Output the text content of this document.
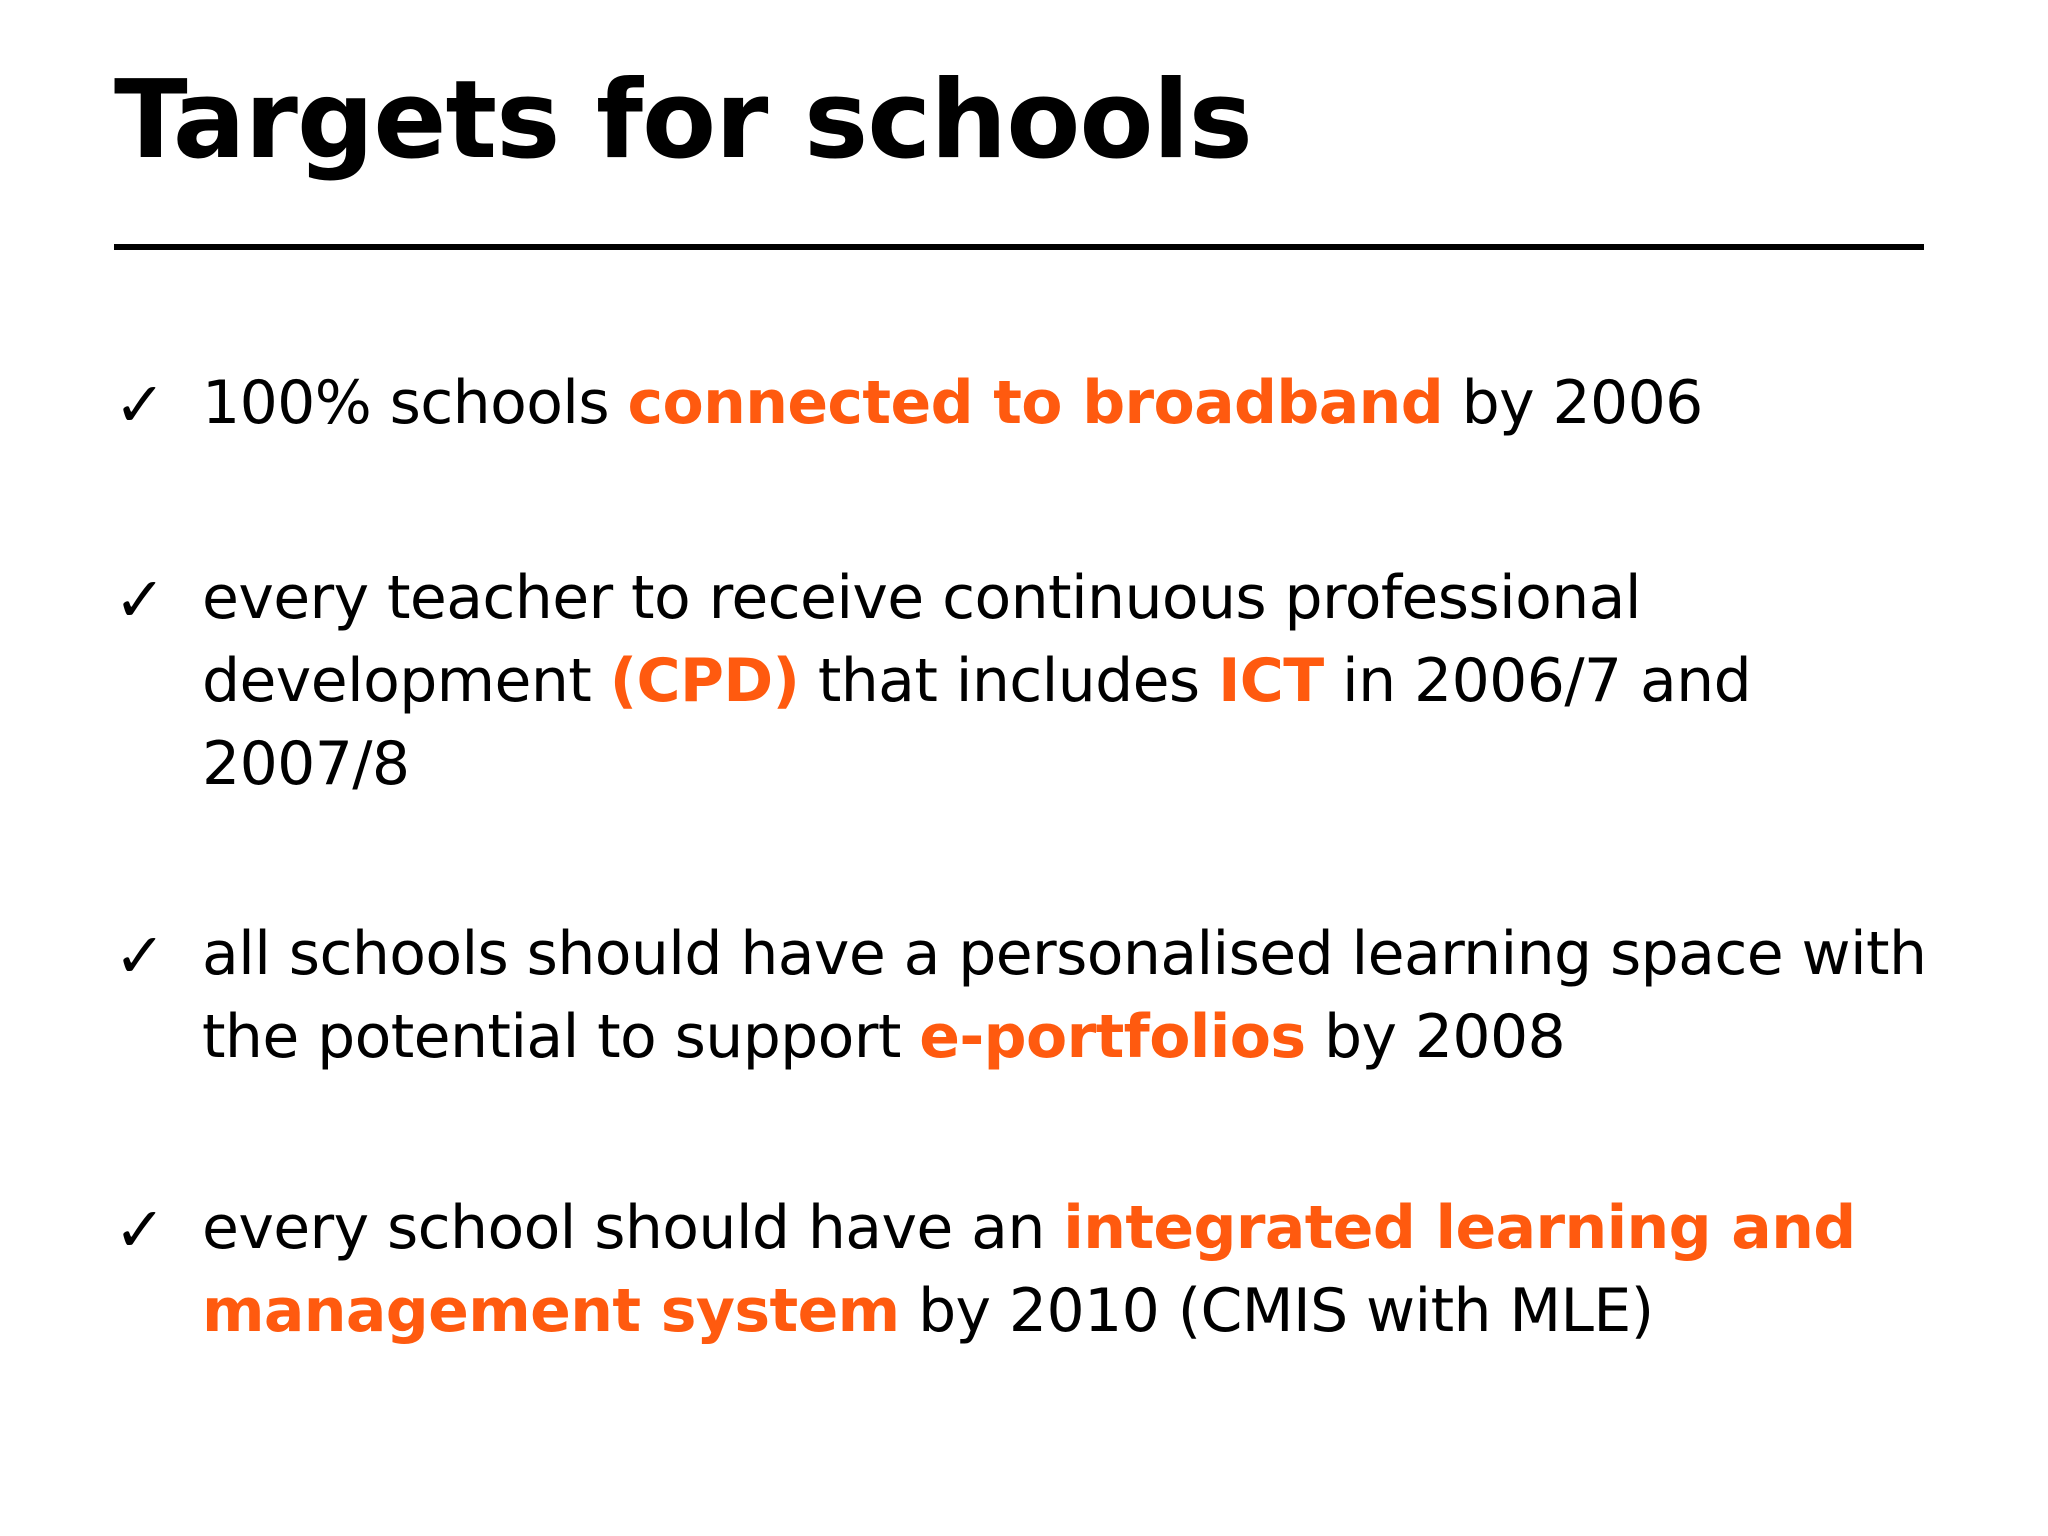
Targets for schools
✓ 100% schools connected to broadband by 2006
✓ every teacher to receive continuous professional development (CPD) that includes ICT in 2006/7 and 2007/8
✓ all schools should have a personalised learning space with the potential to support e-portfolios by 2008
✓ every school should have an integrated learning and management system by 2010 (CMIS with MLE)
